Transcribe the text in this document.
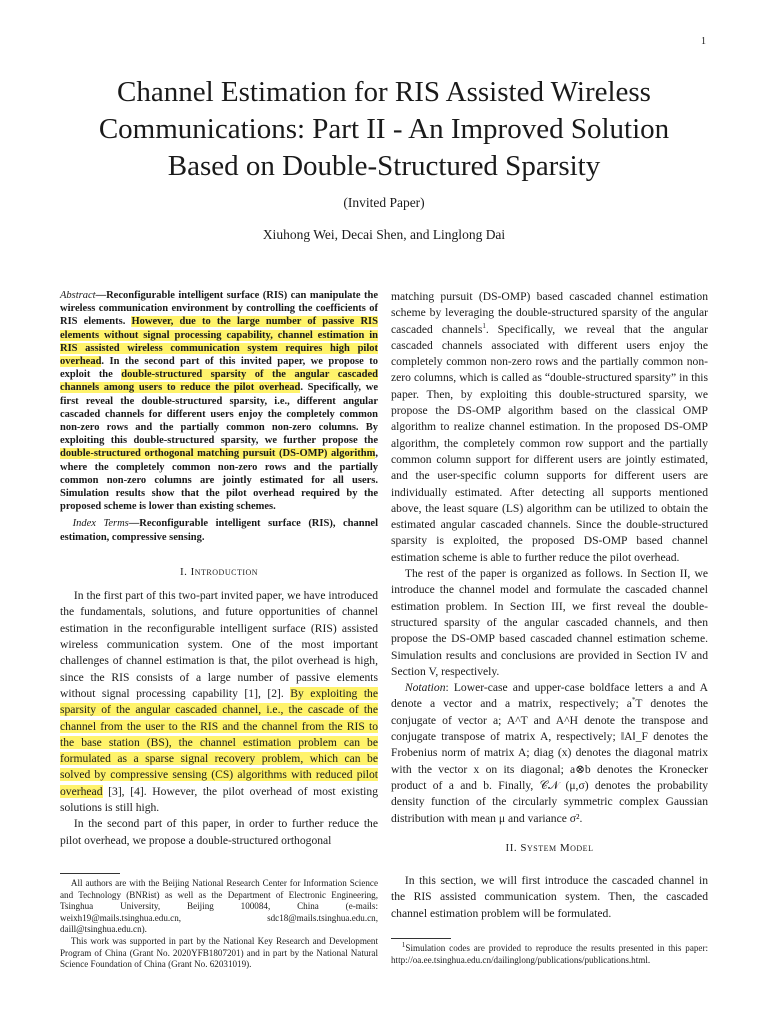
1
Channel Estimation for RIS Assisted Wireless Communications: Part II - An Improved Solution Based on Double-Structured Sparsity
(Invited Paper)
Xiuhong Wei, Decai Shen, and Linglong Dai

Abstract—Reconfigurable intelligent surface (RIS) can manipulate the wireless communication environment by controlling the coefficients of RIS elements. However, due to the large number of passive RIS elements without signal processing capability, channel estimation in RIS assisted wireless communication system requires high pilot overhead. In the second part of this invited paper, we propose to exploit the double-structured sparsity of the angular cascaded channels among users to reduce the pilot overhead. Specifically, we first reveal the double-structured sparsity, i.e., different angular cascaded channels for different users enjoy the completely common non-zero rows and the partially common non-zero columns. By exploiting this double-structured sparsity, we further propose the double-structured orthogonal matching pursuit (DS-OMP) algorithm, where the completely common non-zero rows and the partially common non-zero columns are jointly estimated for all users. Simulation results show that the pilot overhead required by the proposed scheme is lower than existing schemes.

Index Terms—Reconfigurable intelligent surface (RIS), channel estimation, compressive sensing.

I. Introduction

In the first part of this two-part invited paper, we have introduced the fundamentals, solutions, and future opportunities of channel estimation in the reconfigurable intelligent surface (RIS) assisted wireless communication system. One of the most important challenges of channel estimation is that, the pilot overhead is high, since the RIS consists of a large number of passive elements without signal processing capability [1], [2]. By exploiting the sparsity of the angular cascaded channel, i.e., the cascade of the channel from the user to the RIS and the channel from the RIS to the base station (BS), the channel estimation problem can be formulated as a sparse signal recovery problem, which can be solved by compressive sensing (CS) algorithms with reduced pilot overhead [3], [4]. However, the pilot overhead of most existing solutions is still high.

In the second part of this paper, in order to further reduce the pilot overhead, we propose a double-structured orthogonal

All authors are with the Beijing National Research Center for Information Science and Technology (BNRist) as well as the Department of Electronic Engineering, Tsinghua University, Beijing 100084, China (e-mails: weixh19@mails.tsinghua.edu.cn, sdc18@mails.tsinghua.edu.cn, daill@tsinghua.edu.cn).

This work was supported in part by the National Key Research and Development Program of China (Grant No. 2020YFB1807201) and in part by the National Natural Science Foundation of China (Grant No. 62031019).

matching pursuit (DS-OMP) based cascaded channel estimation scheme by leveraging the double-structured sparsity of the angular cascaded channels$^1$. Specifically, we reveal that the angular cascaded channels associated with different users enjoy the completely common non-zero rows and the partially common non-zero columns, which is called as “double-structured sparsity” in this paper. Then, by exploiting this double-structured sparsity, we propose the DS-OMP algorithm based on the classical OMP algorithm to realize channel estimation. In the proposed DS-OMP algorithm, the completely common row support and the partially common column support for different users are jointly estimated, and the user-specific column supports for different users are individually estimated. After detecting all supports mentioned above, the least square (LS) algorithm can be utilized to obtain the estimated angular cascaded channels. Since the double-structured sparsity is exploited, the proposed DS-OMP based channel estimation scheme is able to further reduce the pilot overhead.

The rest of the paper is organized as follows. In Section II, we introduce the channel model and formulate the cascaded channel estimation problem. In Section III, we first reveal the double-structured sparsity of the angular cascaded channels, and then propose the DS-OMP based cascaded channel estimation scheme. Simulation results and conclusions are provided in Section IV and Section V, respectively.

Notation: Lower-case and upper-case boldface letters a and A denote a vector and a matrix, respectively; a*T denotes the conjugate of vector a; A^T and A^H denote the transpose and conjugate transpose of matrix A, respectively; ‖A‖_F denotes the Frobenius norm of matrix A; diag (x) denotes the diagonal matrix with the vector x on its diagonal; a⊗b denotes the Kronecker product of a and b. Finally, 𝒞𝒩 (μ,σ) denotes the probability density function of the circularly symmetric complex Gaussian distribution with mean μ and variance σ².

II. System Model
In this section, we will first introduce the cascaded channel in the RIS assisted communication system. Then, the cascaded channel estimation problem will be formulated.
$^1$Simulation codes are provided to reproduce the results presented in this paper: http://oa.ee.tsinghua.edu.cn/dailinglong/publications/publications.html.
